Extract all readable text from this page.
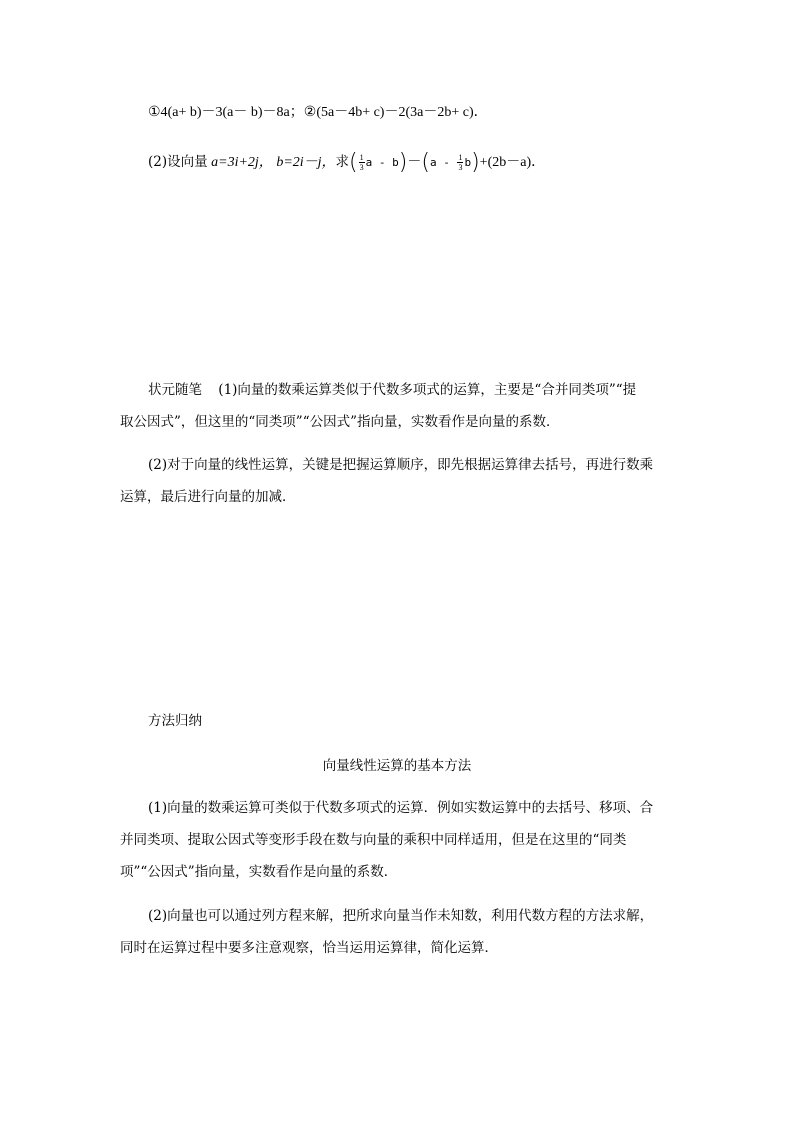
①4(a+ b)－3(a－ b)－8a；②(5a－4b+ c)－2(3a－2b+ c)．
(2)设向量 a=3i+2j， b=2i－j，求( $\frac{1}{3}$ $a - b)-(a - \frac{1}{3} b)+(2b-a)$．
状元随笔 (1)向量的数乘运算类似于代数多项式的运算，主要是“合并同类项”“提
取公因式”，但这里的“同类项”“公因式”指向量，实数看作是向量的系数．
(2)对于向量的线性运算，关键是把握运算顺序，即先根据运算律去括号，再进行数乘
运算，最后进行向量的加减．
方法归纳
向量线性运算的基本方法
(1)向量的数乘运算可类似于代数多项式的运算．例如实数运算中的去括号、移项、合
并同类项、提取公因式等变形手段在数与向量的乘积中同样适用，但是在这里的“同类
项”“公因式”指向量，实数看作是向量的系数．
(2)向量也可以通过列方程来解，把所求向量当作未知数，利用代数方程的方法求解，
同时在运算过程中要多注意观察，恰当运用运算律，简化运算．
